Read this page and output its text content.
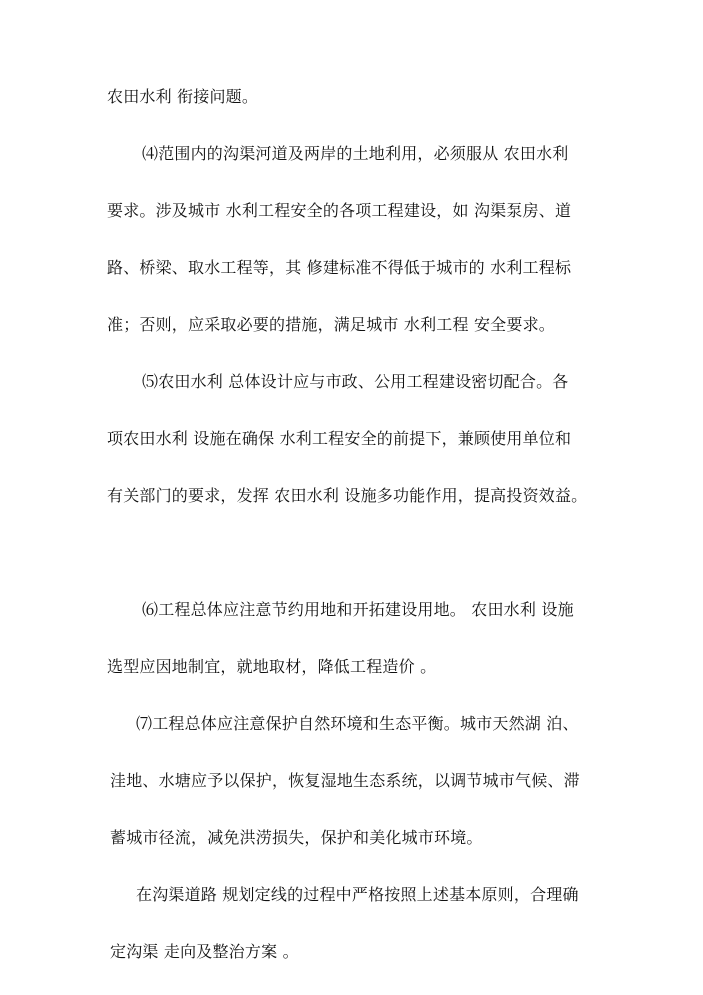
农田水利 衔接问题。
⑷范围内的沟渠河道及两岸的土地利用，必须服从 农田水利
要求。涉及城市 水利工程安全的各项工程建设，如 沟渠泵房、道
路、桥梁、取水工程等，其 修建标准不得低于城市的 水利工程标
准；否则，应采取必要的措施，满足城市 水利工程 安全要求。
⑸农田水利 总体设计应与市政、公用工程建设密切配合。各
项农田水利 设施在确保 水利工程安全的前提下，兼顾使用单位和
有关部门的要求，发挥 农田水利 设施多功能作用，提高投资效益。
⑹工程总体应注意节约用地和开拓建设用地。 农田水利 设施
选型应因地制宜，就地取材，降低工程造价 。
⑺工程总体应注意保护自然环境和生态平衡。城市天然湖 泊、
洼地、水塘应予以保护，恢复湿地生态系统，以调节城市气候、滞
蓄城市径流，减免洪涝损失，保护和美化城市环境。
在沟渠道路 规划定线的过程中严格按照上述基本原则，合理确
定沟渠 走向及整治方案 。
